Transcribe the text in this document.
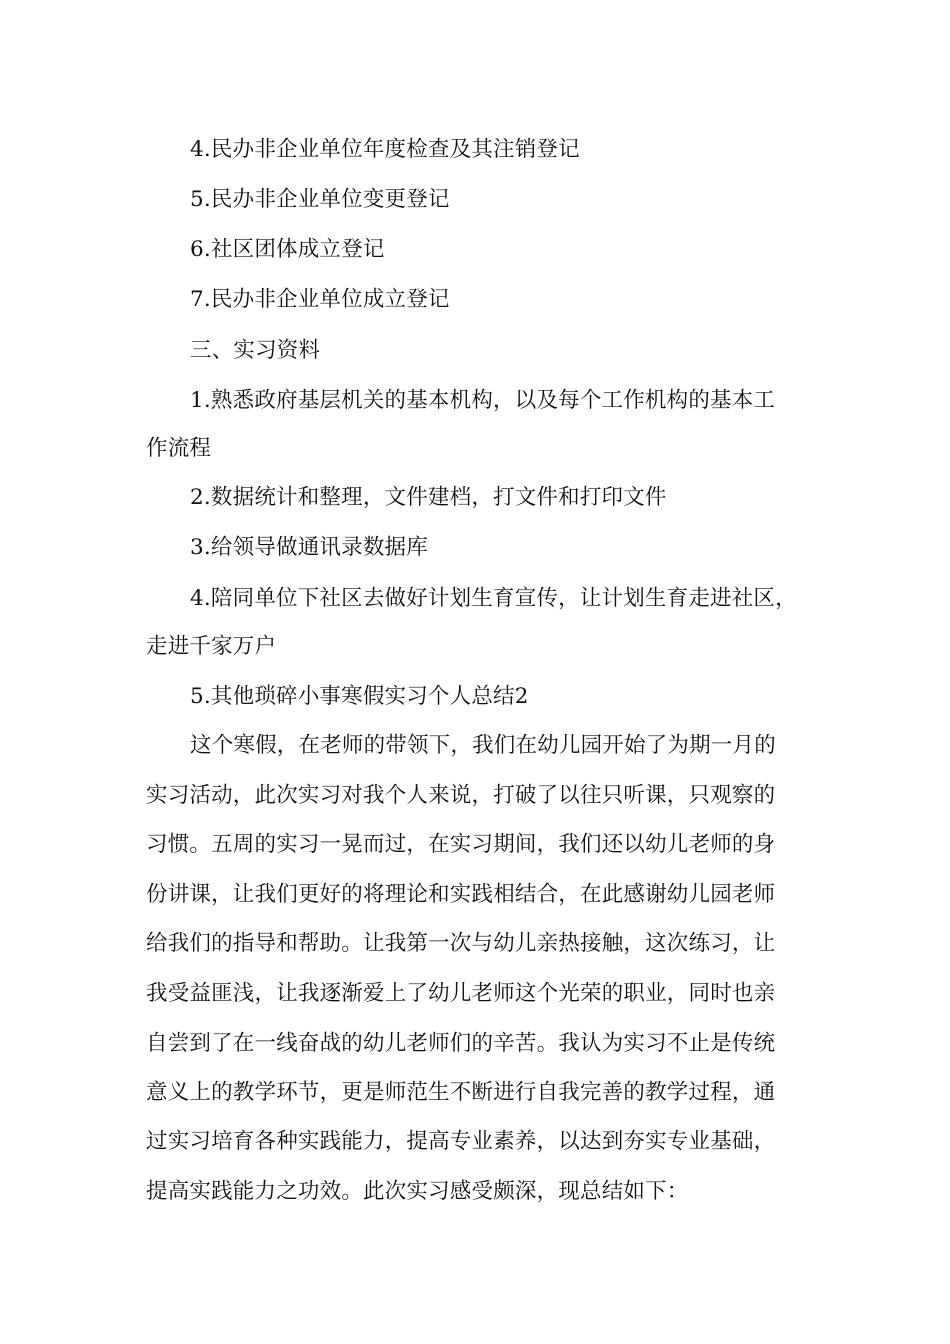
4.民办非企业单位年度检查及其注销登记
5.民办非企业单位变更登记
6.社区团体成立登记
7.民办非企业单位成立登记
三、实习资料
1.熟悉政府基层机关的基本机构，以及每个工作机构的基本工
作流程
2.数据统计和整理，文件建档，打文件和打印文件
3.给领导做通讯录数据库
4.陪同单位下社区去做好计划生育宣传，让计划生育走进社区，
走进千家万户
5.其他琐碎小事寒假实习个人总结2
这个寒假，在老师的带领下，我们在幼儿园开始了为期一月的
实习活动，此次实习对我个人来说，打破了以往只听课，只观察的
习惯。五周的实习一晃而过，在实习期间，我们还以幼儿老师的身
份讲课，让我们更好的将理论和实践相结合，在此感谢幼儿园老师
给我们的指导和帮助。让我第一次与幼儿亲热接触，这次练习，让
我受益匪浅，让我逐渐爱上了幼儿老师这个光荣的职业，同时也亲
自尝到了在一线奋战的幼儿老师们的辛苦。我认为实习不止是传统
意义上的教学环节，更是师范生不断进行自我完善的教学过程，通
过实习培育各种实践能力，提高专业素养，以达到夯实专业基础，
提高实践能力之功效。此次实习感受颇深，现总结如下：
